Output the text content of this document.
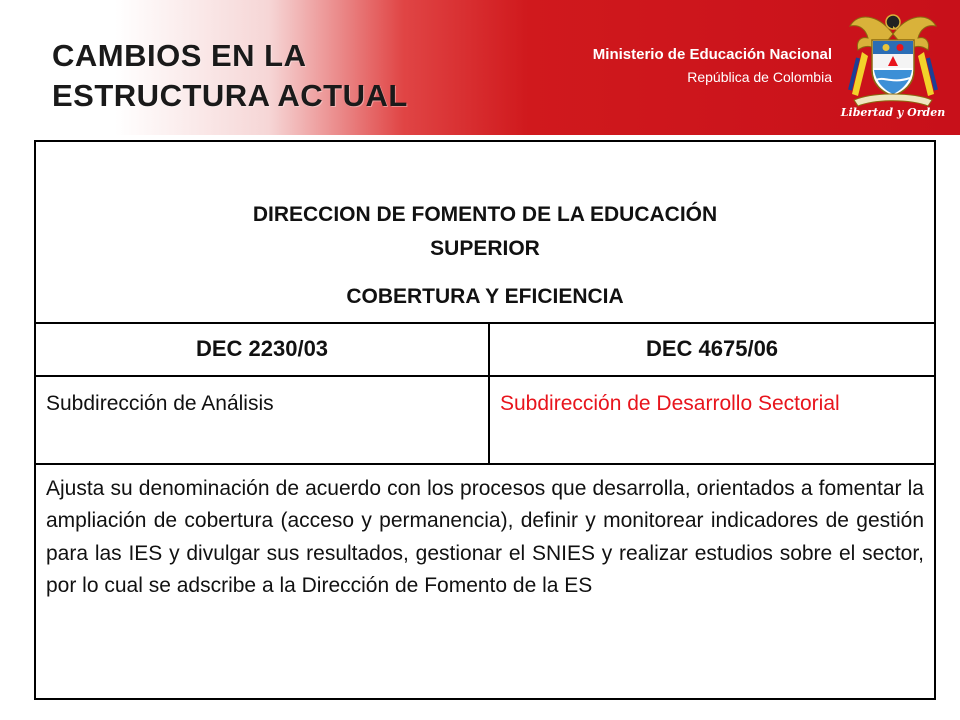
CAMBIOS EN LA
ESTRUCTURA ACTUAL
Ministerio de Educación Nacional
República de Colombia
Libertad y Orden
DIRECCION DE FOMENTO DE LA EDUCACIÓN
SUPERIOR
COBERTURA Y EFICIENCIA
DEC 2230/03	DEC 4675/06
Subdirección de Análisis	Subdirección de Desarrollo Sectorial
Ajusta su denominación de acuerdo con los procesos que desarrolla, orientados a fomentar la ampliación de cobertura (acceso y permanencia), definir y monitorear indicadores de gestión para las IES y divulgar sus resultados, gestionar el SNIES y realizar estudios sobre el sector, por lo cual se adscribe a la Dirección de Fomento de la ES
